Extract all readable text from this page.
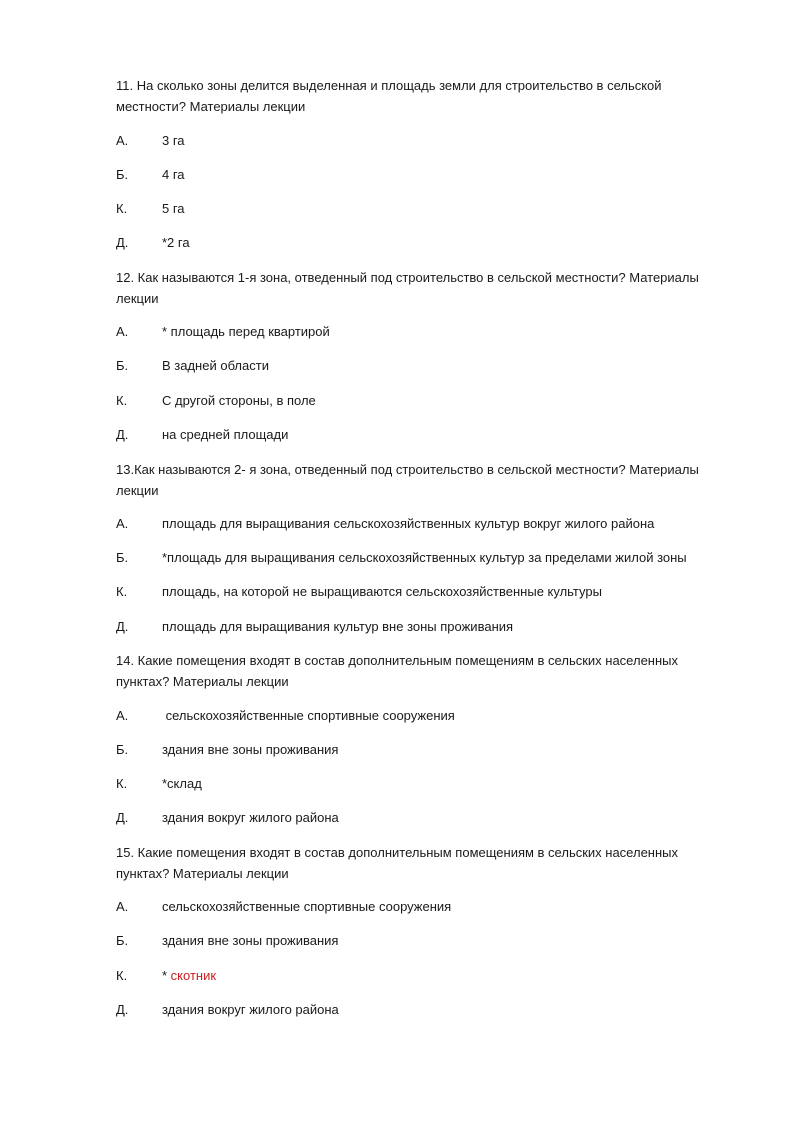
11. На сколько зоны делится выделенная и площадь земли для строительство в сельской местности? Материалы лекции

А.	3 га
Б.	4 га
К.	5 га
Д.	*2 га

12. Как называются 1-я зона, отведенный под строительство в сельской местности? Материалы лекции

А.	* площадь перед квартирой
Б.	В задней области
К.	С другой стороны, в поле
Д.	на средней площади

13.Как называются 2- я зона, отведенный под строительство в сельской местности? Материалы лекции

А.	площадь для выращивания сельскохозяйственных культур вокруг жилого района
Б.	*площадь для выращивания сельскохозяйственных культур за пределами жилой зоны
К.	площадь, на которой не выращиваются сельскохозяйственные культуры
Д.	площадь для выращивания культур вне зоны проживания

14. Какие помещения входят в состав дополнительным помещениям в сельских населенных пунктах? Материалы лекции

А.	сельскохозяйственные спортивные сооружения
Б.	здания вне зоны проживания
К.	*склад
Д.	здания вокруг жилого района

15. Какие помещения входят в состав дополнительным помещениям в сельских населенных пунктах? Материалы лекции

А.	сельскохозяйственные спортивные сооружения
Б.	здания вне зоны проживания
К.	* скотник
Д.	здания вокруг жилого района
